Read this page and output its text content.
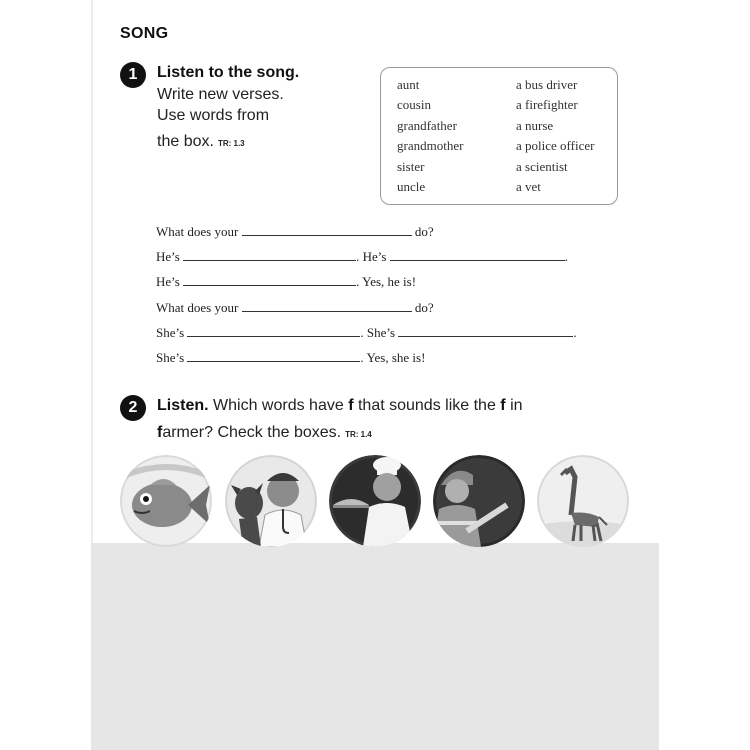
SONG
1	Listen to the song.
Write new verses.
Use words from
the box. TR: 1.3
aunt
cousin
grandfather
grandmother
sister
uncle
a bus driver
a firefighter
a nurse
a police officer
a scientist
a vet
What does your	do?
He’s	. He’s	.
He’s	. Yes, he is!
What does your	do?
She’s	. She’s	.
She’s	. Yes, she is!
2	Listen. Which words have f that sounds like the f in
farmer? Check the boxes. TR: 1.4
